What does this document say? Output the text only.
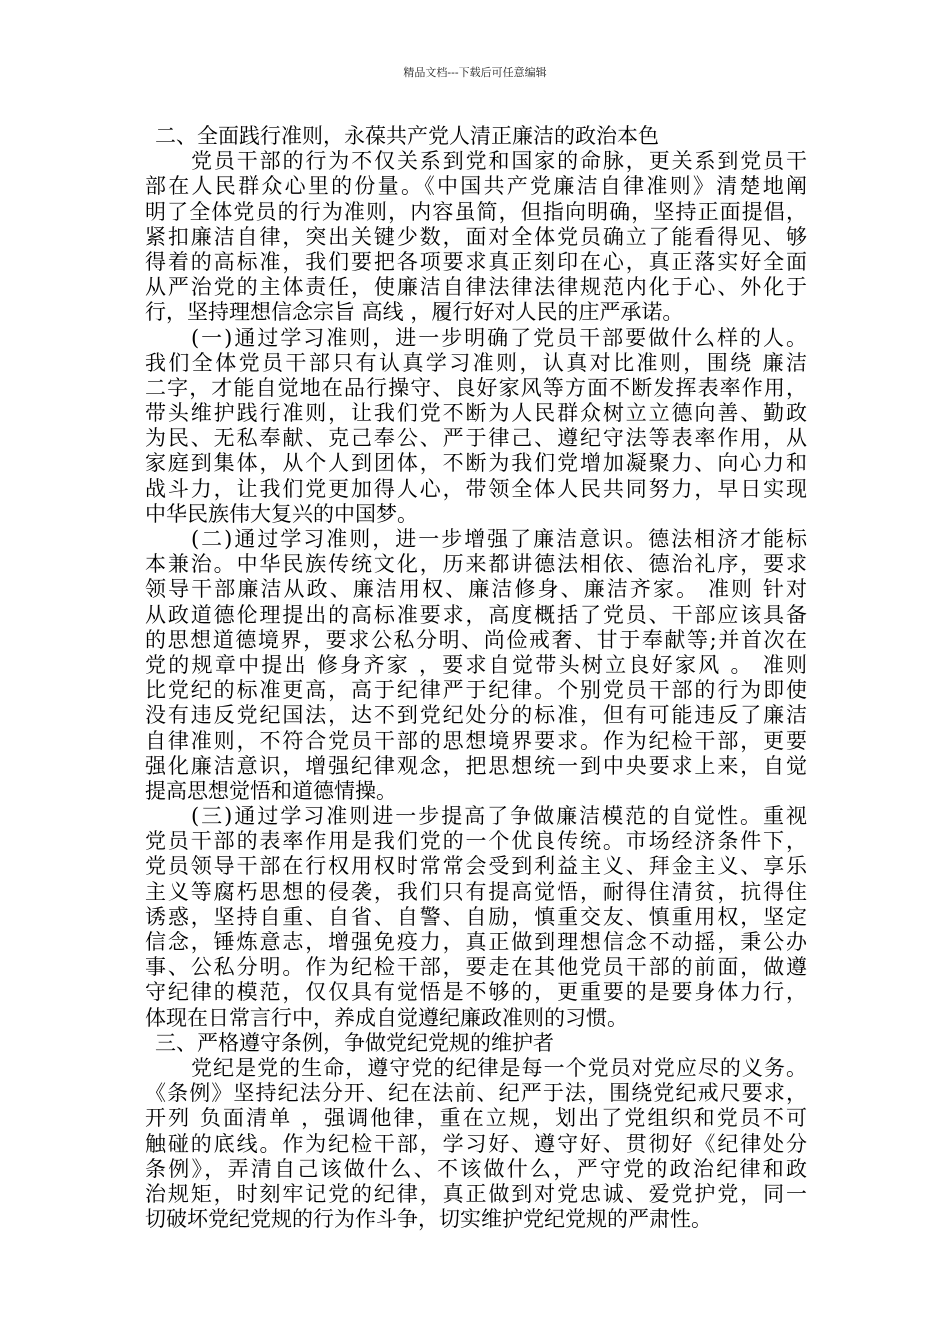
精品文档---下载后可任意编辑
二、全面践行准则，永葆共产党人清正廉洁的政治本色
党员干部的行为不仅关系到党和国家的命脉，更关系到党员干
部在人民群众心里的份量。《中国共产党廉洁自律准则》清楚地阐
明了全体党员的行为准则，内容虽简，但指向明确，坚持正面提倡，
紧扣廉洁自律，突出关键少数，面对全体党员确立了能看得见、够
得着的高标准，我们要把各项要求真正刻印在心，真正落实好全面
从严治党的主体责任，使廉洁自律法律法律规范内化于心、外化于
行，坚持理想信念宗旨 高线 ，履行好对人民的庄严承诺。
(一)通过学习准则，进一步明确了党员干部要做什么样的人。
我们全体党员干部只有认真学习准则，认真对比准则，围绕 廉洁
二字，才能自觉地在品行操守、良好家风等方面不断发挥表率作用，
带头维护践行准则，让我们党不断为人民群众树立立德向善、勤政
为民、无私奉献、克己奉公、严于律己、遵纪守法等表率作用，从
家庭到集体，从个人到团体，不断为我们党增加凝聚力、向心力和
战斗力，让我们党更加得人心，带领全体人民共同努力，早日实现
中华民族伟大复兴的中国梦。
(二)通过学习准则，进一步增强了廉洁意识。德法相济才能标
本兼治。中华民族传统文化，历来都讲德法相依、德治礼序，要求
领导干部廉洁从政、廉洁用权、廉洁修身、廉洁齐家。 准则 针对
从政道德伦理提出的高标准要求，高度概括了党员、干部应该具备
的思想道德境界，要求公私分明、尚俭戒奢、甘于奉献等;并首次在
党的规章中提出 修身齐家 ，要求自觉带头树立良好家风 。 准则
比党纪的标准更高，高于纪律严于纪律。个别党员干部的行为即使
没有违反党纪国法，达不到党纪处分的标准，但有可能违反了廉洁
自律准则，不符合党员干部的思想境界要求。作为纪检干部，更要
强化廉洁意识，增强纪律观念，把思想统一到中央要求上来，自觉
提高思想觉悟和道德情操。
(三)通过学习准则进一步提高了争做廉洁模范的自觉性。重视
党员干部的表率作用是我们党的一个优良传统。市场经济条件下，
党员领导干部在行权用权时常常会受到利益主义、拜金主义、享乐
主义等腐朽思想的侵袭，我们只有提高觉悟，耐得住清贫，抗得住
诱惑，坚持自重、自省、自警、自励，慎重交友、慎重用权，坚定
信念，锤炼意志，增强免疫力，真正做到理想信念不动摇，秉公办
事、公私分明。作为纪检干部，要走在其他党员干部的前面，做遵
守纪律的模范，仅仅具有觉悟是不够的，更重要的是要身体力行，
体现在日常言行中，养成自觉遵纪廉政准则的习惯。
三、严格遵守条例，争做党纪党规的维护者
党纪是党的生命，遵守党的纪律是每一个党员对党应尽的义务。
《条例》坚持纪法分开、纪在法前、纪严于法，围绕党纪戒尺要求，
开列 负面清单 ，强调他律，重在立规，划出了党组织和党员不可
触碰的底线。作为纪检干部，学习好、遵守好、贯彻好《纪律处分
条例》，弄清自己该做什么、不该做什么，严守党的政治纪律和政
治规矩，时刻牢记党的纪律，真正做到对党忠诚、爱党护党，同一
切破坏党纪党规的行为作斗争，切实维护党纪党规的严肃性。
